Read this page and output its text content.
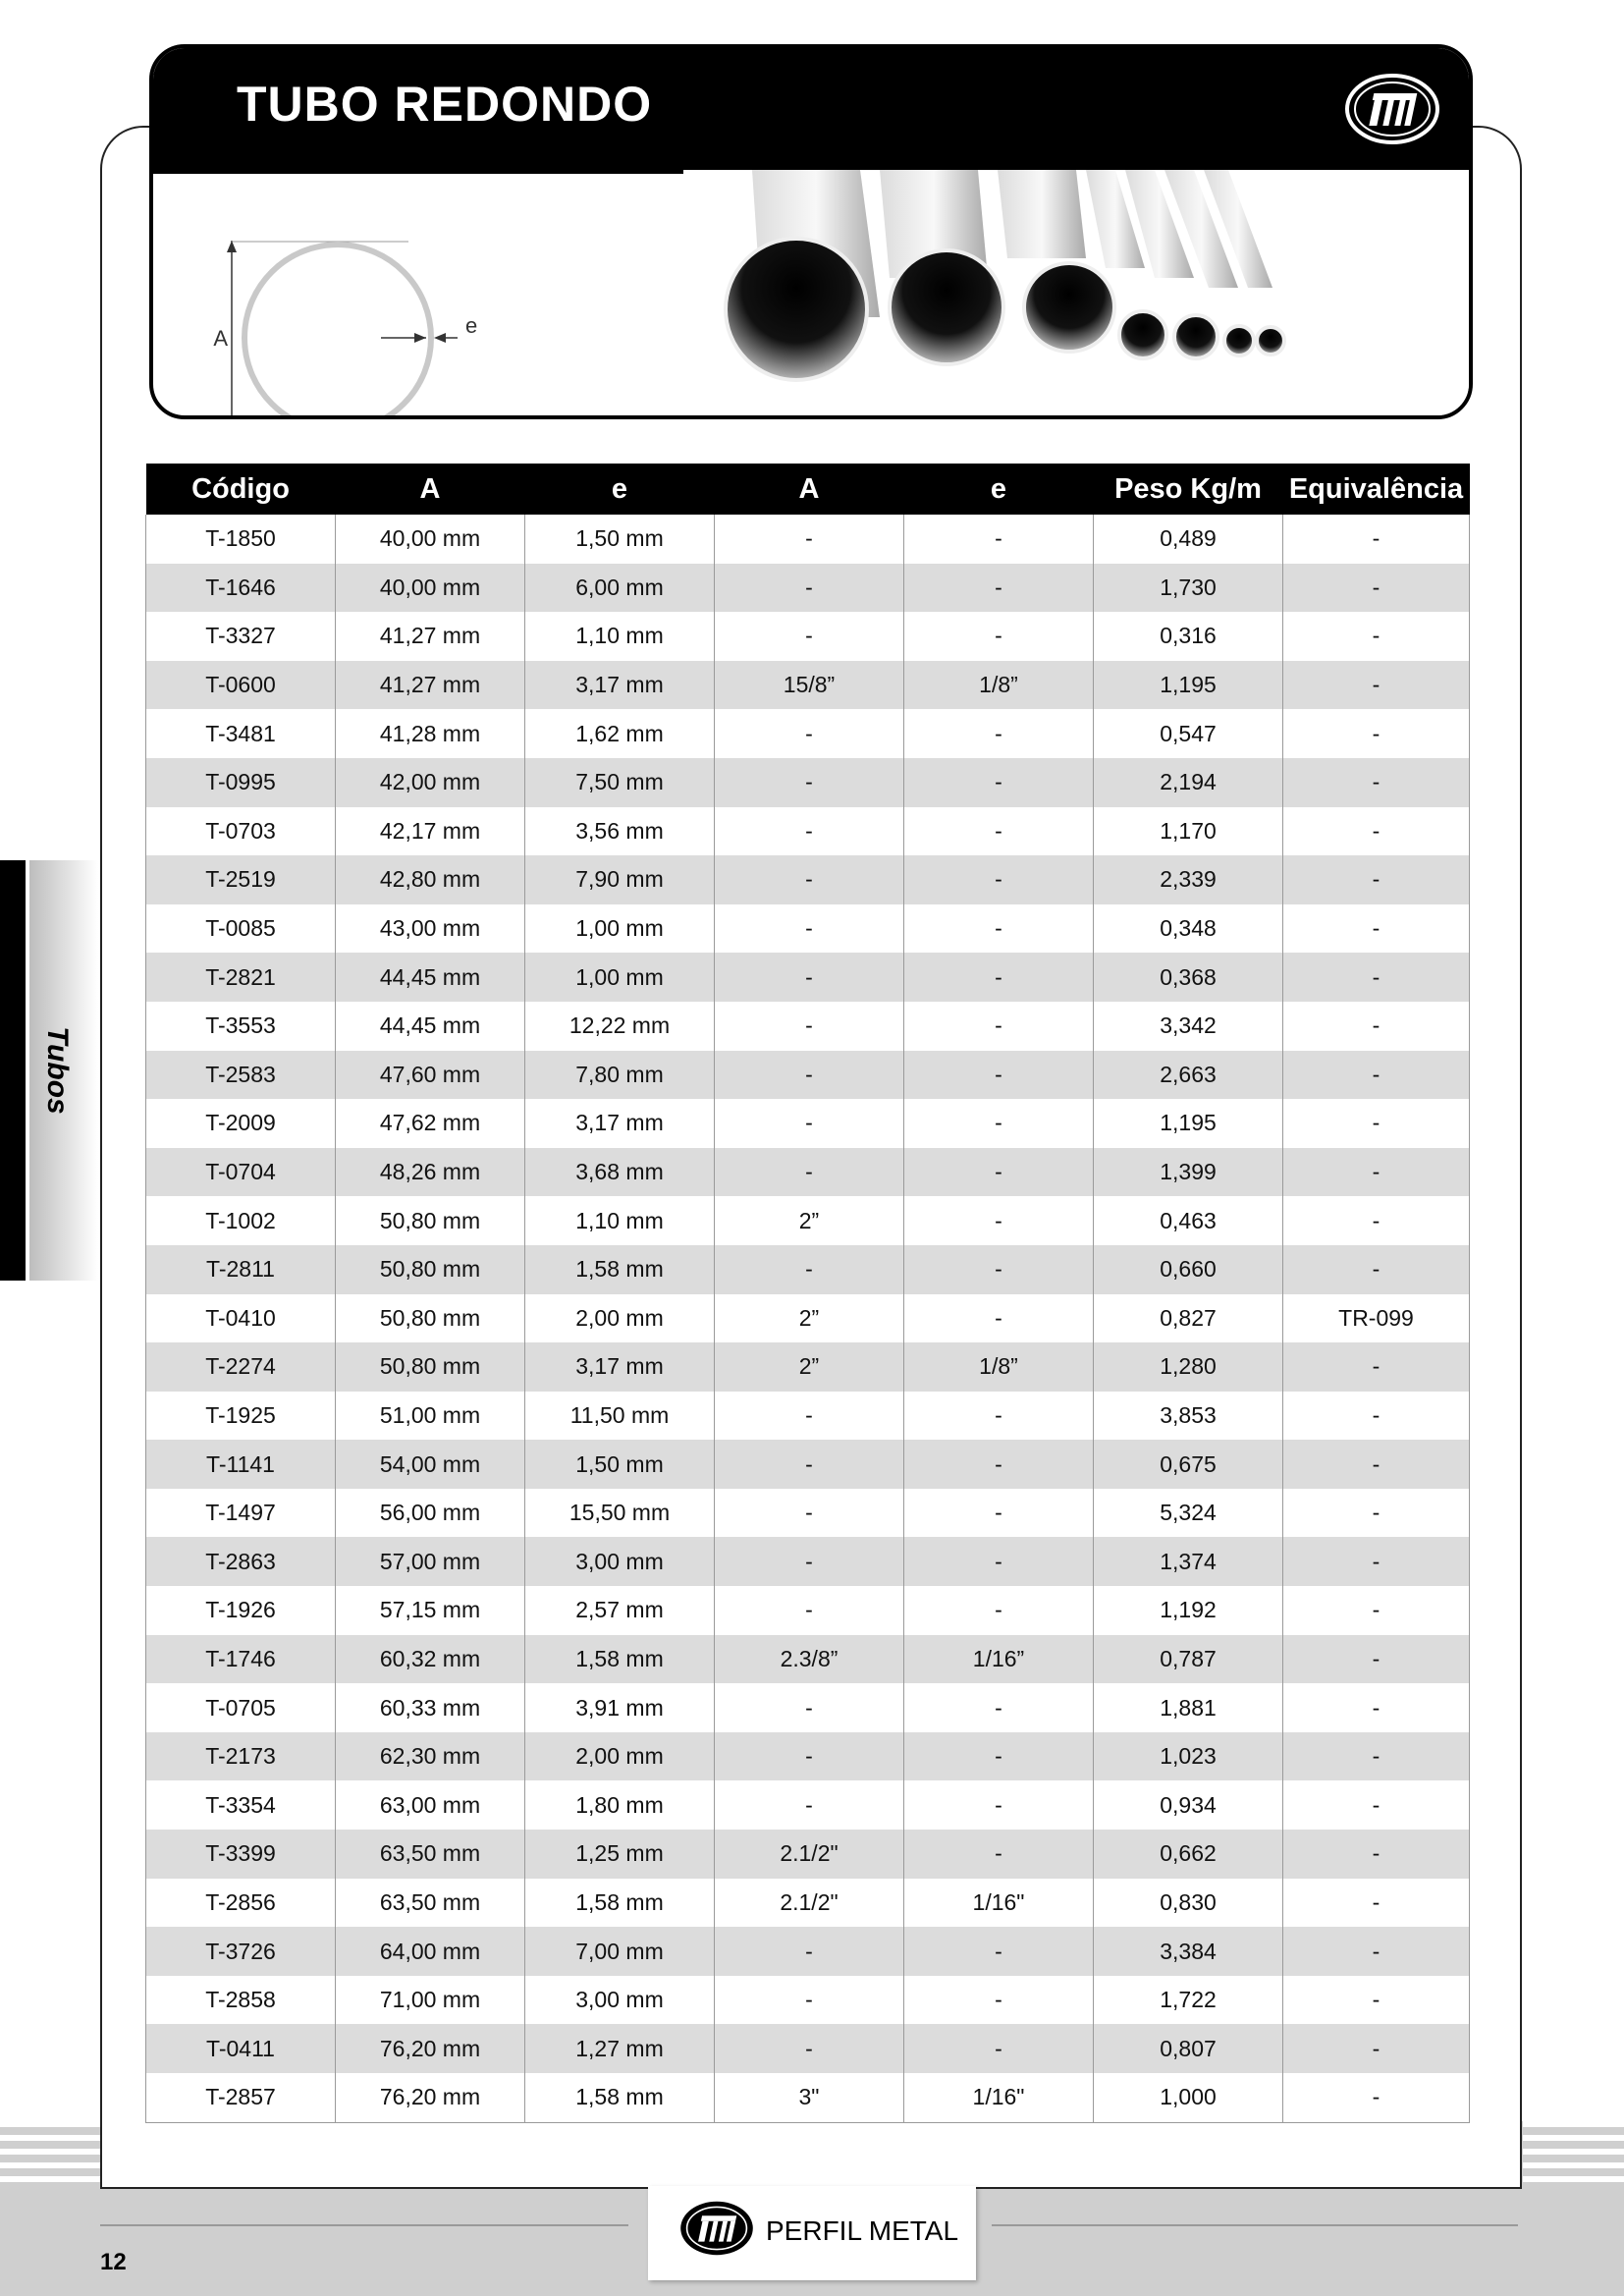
TUBO REDONDO
A
e
Tubos
Código	A	e	A	e	Peso Kg/m	Equivalência
T-1850	40,00 mm	1,50 mm	-	-	0,489	-
T-1646	40,00 mm	6,00 mm	-	-	1,730	-
T-3327	41,27 mm	1,10 mm	-	-	0,316	-
T-0600	41,27 mm	3,17 mm	15/8”	1/8”	1,195	-
T-3481	41,28 mm	1,62 mm	-	-	0,547	-
T-0995	42,00 mm	7,50 mm	-	-	2,194	-
T-0703	42,17 mm	3,56 mm	-	-	1,170	-
T-2519	42,80 mm	7,90 mm	-	-	2,339	-
T-0085	43,00 mm	1,00 mm	-	-	0,348	-
T-2821	44,45 mm	1,00 mm	-	-	0,368	-
T-3553	44,45 mm	12,22 mm	-	-	3,342	-
T-2583	47,60 mm	7,80 mm	-	-	2,663	-
T-2009	47,62 mm	3,17 mm	-	-	1,195	-
T-0704	48,26 mm	3,68 mm	-	-	1,399	-
T-1002	50,80 mm	1,10 mm	2”	-	0,463	-
T-2811	50,80 mm	1,58 mm	-	-	0,660	-
T-0410	50,80 mm	2,00 mm	2”	-	0,827	TR-099
T-2274	50,80 mm	3,17 mm	2”	1/8”	1,280	-
T-1925	51,00 mm	11,50 mm	-	-	3,853	-
T-1141	54,00 mm	1,50 mm	-	-	0,675	-
T-1497	56,00 mm	15,50 mm	-	-	5,324	-
T-2863	57,00 mm	3,00 mm	-	-	1,374	-
T-1926	57,15 mm	2,57 mm	-	-	1,192	-
T-1746	60,32 mm	1,58 mm	2.3/8”	1/16”	0,787	-
T-0705	60,33 mm	3,91 mm	-	-	1,881	-
T-2173	62,30 mm	2,00 mm	-	-	1,023	-
T-3354	63,00 mm	1,80 mm	-	-	0,934	-
T-3399	63,50 mm	1,25 mm	2.1/2"	-	0,662	-
T-2856	63,50 mm	1,58 mm	2.1/2"	1/16"	0,830	-
T-3726	64,00 mm	7,00 mm	-	-	3,384	-
T-2858	71,00 mm	3,00 mm	-	-	1,722	-
T-0411	76,20 mm	1,27 mm	-	-	0,807	-
T-2857	76,20 mm	1,58 mm	3"	1/16"	1,000	-
PERFIL METAL
12
